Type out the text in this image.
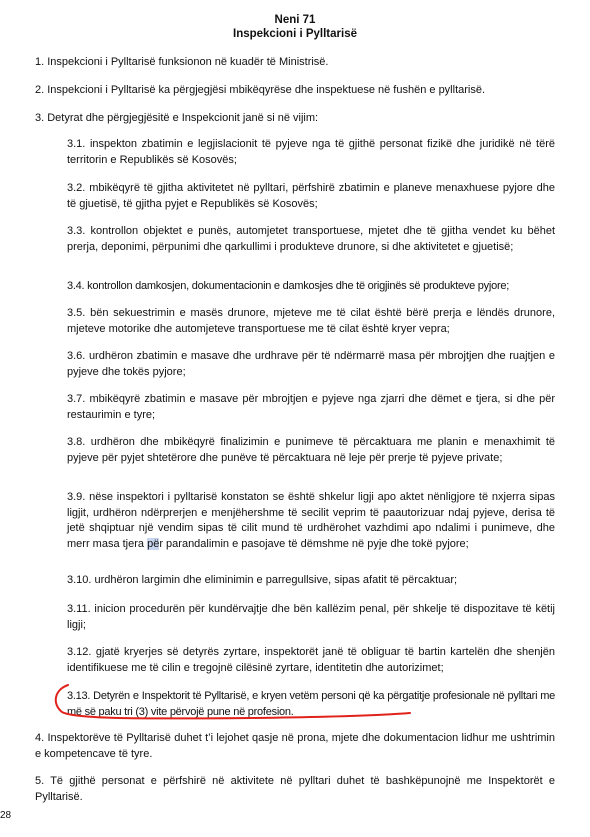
Neni 71
Inspekcioni i Pylltarisë
1. Inspekcioni i Pylltarisë funksionon në kuadër të Ministrisë.
2. Inspekcioni i Pylltarisë ka përgjegjësi mbikëqyrëse dhe inspektuese në fushën e pylltarisë.
3. Detyrat dhe përgjegjësitë e Inspekcionit janë si në vijim:
3.1. inspekton zbatimin e legjislacionit të pyjeve nga të gjithë personat fizikë dhe juridikë në tërë territorin e Republikës së Kosovës;
3.2. mbikëqyrë të gjitha aktivitetet në pylltari, përfshirë zbatimin e planeve menaxhuese pyjore dhe të gjuetisë, të gjitha pyjet e Republikës së Kosovës;
3.3. kontrollon objektet e punës, automjetet transportuese, mjetet dhe të gjitha vendet ku bëhet prerja, deponimi, përpunimi dhe qarkullimi i produkteve drunore, si dhe aktivitetet e gjuetisë;
3.4. kontrollon damkosjen, dokumentacionin e damkosjes dhe të origjinës së produkteve pyjore;
3.5. bën sekuestrimin e masës drunore, mjeteve me të cilat është bërë prerja e lëndës drunore, mjeteve motorike dhe automjeteve transportuese me të cilat është kryer vepra;
3.6. urdhëron zbatimin e masave dhe urdhrave për të ndërmarrë masa për mbrojtjen dhe ruajtjen e pyjeve dhe tokës pyjore;
3.7. mbikëqyrë zbatimin e masave për mbrojtjen e pyjeve nga zjarri dhe dëmet e tjera, si dhe për restaurimin e tyre;
3.8. urdhëron dhe mbikëqyrë finalizimin e punimeve të përcaktuara me planin e menaxhimit të pyjeve për pyjet shtetërore dhe punëve të përcaktuara në leje për prerje të pyjeve private;
3.9. nëse inspektori i pylltarisë konstaton se është shkelur ligji apo aktet nënligjore të nxjerra sipas ligjit, urdhëron ndërprerjen e menjëhershme të secilit veprim të paautorizuar ndaj pyjeve, derisa të jetë shqiptuar një vendim sipas të cilit mund të urdhërohet vazhdimi apo ndalimi i punimeve, dhe merr masa tjera për parandalimin e pasojave të dëmshme në pyje dhe tokë pyjore;
3.10. urdhëron largimin dhe eliminimin e parregullsive, sipas afatit të përcaktuar;
3.11. inicion procedurën për kundërvajtje dhe bën kallëzim penal, për shkelje të dispozitave të këtij ligji;
3.12. gjatë kryerjes së detyrës zyrtare, inspektorët janë të obliguar të bartin kartelën dhe shenjën identifikuese me të cilin e tregojnë cilësinë zyrtare, identitetin dhe autorizimet;
3.13. Detyrën e Inspektorit të Pylltarisë, e kryen vetëm personi që ka përgatitje profesionale në pylltari me më së paku tri (3) vite përvojë pune në profesion.
4. Inspektorëve të Pylltarisë duhet t’i lejohet qasje në prona, mjete dhe dokumentacion lidhur me ushtrimin e kompetencave të tyre.
5. Të gjithë personat e përfshirë në aktivitete në pylltari duhet të bashkëpunojnë me Inspektorët e Pylltarisë.
28
